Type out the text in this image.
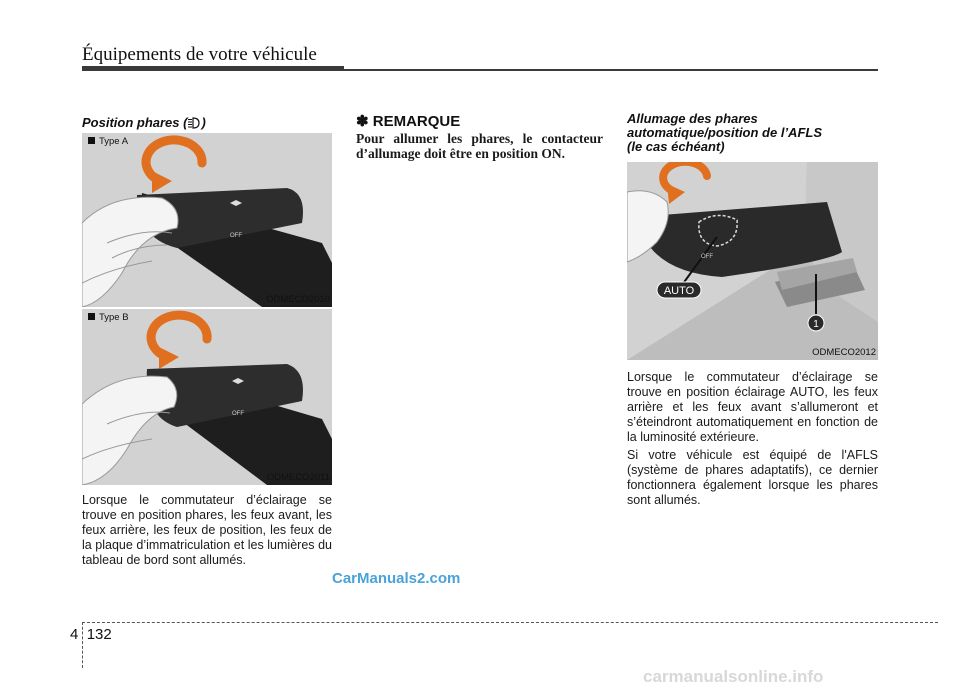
Équipements de votre véhicule
Position phares ( )
Type A
OFF
ODMECO2010
Type B
OFF
ODMECO2011
Lorsque le commutateur d’éclairage se trouve en position phares, les feux avant, les feux arrière, les feux de position, les feux de la plaque d’immatriculation et les lumières du tableau de bord sont allumés.
✽ REMARQUE
Pour allumer les phares, le contacteur d’allumage doit être en position ON.
Allumage des phares
automatique/position de l’AFLS
(le cas échéant)
AUTO
1
OFF
ODMECO2012
Lorsque le commutateur d’éclairage se trouve en position éclairage AUTO, les feux arrière et les feux avant s’allumeront et s’éteindront automatiquement en fonction de la luminosité extérieure.
Si votre véhicule est équipé de l'AFLS (système de phares adaptatifs), ce dernier fonctionnera également lorsque les phares sont allumés.
CarManuals2.com
4 132
carmanualsonline.info
